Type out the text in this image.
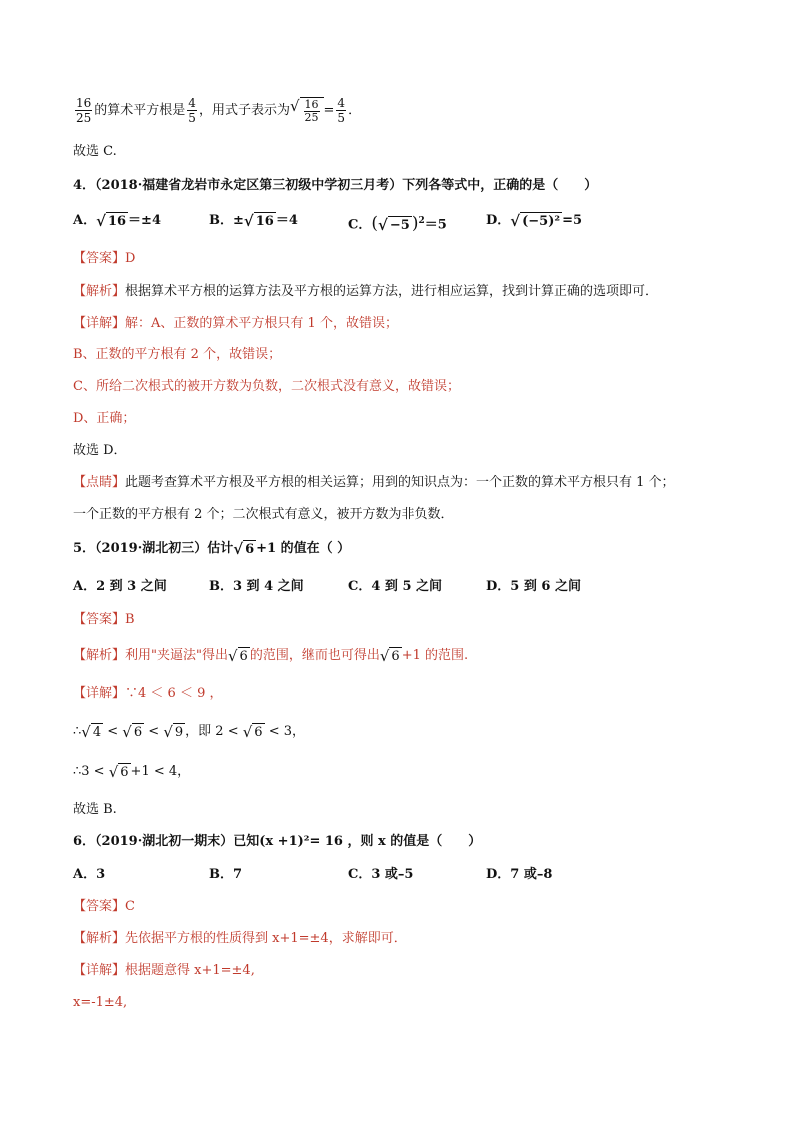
$\frac{16}{25}$ 的算术平方根是 $\frac{4}{5}$ ，用式子表示为 √ $\frac{16}{25} = \frac{4}{5}$ ．
故选 C.
4．（2018·福建省龙岩市永定区第三初级中学初三月考）下列各等式中，正确的是（　　）
A． √ 16 ＝±4	B．± √ 16 ＝4	C．( √ −5 )$^2$＝5	D． √ (−5)² =5
【答案】D
【解析】根据算术平方根的运算方法及平方根的运算方法，进行相应运算，找到计算正确的选项即可．
【详解】解：A、正数的算术平方根只有 1 个，故错误；
B、正数的平方根有 2 个，故错误；
C、所给二次根式的被开方数为负数，二次根式没有意义，故错误；
D、正确；
故选 D．
【点睛】此题考查算术平方根及平方根的相关运算；用到的知识点为：一个正数的算术平方根只有 1 个；
一个正数的平方根有 2 个；二次根式有意义，被开方数为非负数．
5．（2019·湖北初三）估计 √ 6 +1 的值在（ ）
A．2 到 3 之间	B．3 到 4 之间	C．4 到 5 之间	D．5 到 6 之间
【答案】B
【解析】利用"夹逼法"得出 √ 6 的范围，继而也可得出 √ 6 +1 的范围.
【详解】∵4 ＜ 6 ＜ 9 ，
∴ √ 4 < √ 6 < √ 9 ，即 2 < √ 6 < 3，
∴3 < √ 6 +1 < 4，
故选 B.
6．（2019·湖北初一期末）已知(x +1)²= 16 ，则 x 的值是（　　）
A．3	B．7	C．3 或–5	D．7 或–8
【答案】C
【解析】先依据平方根的性质得到 x+1=±4，求解即可．
【详解】根据题意得 x+1=±4,
x=-1±4,
